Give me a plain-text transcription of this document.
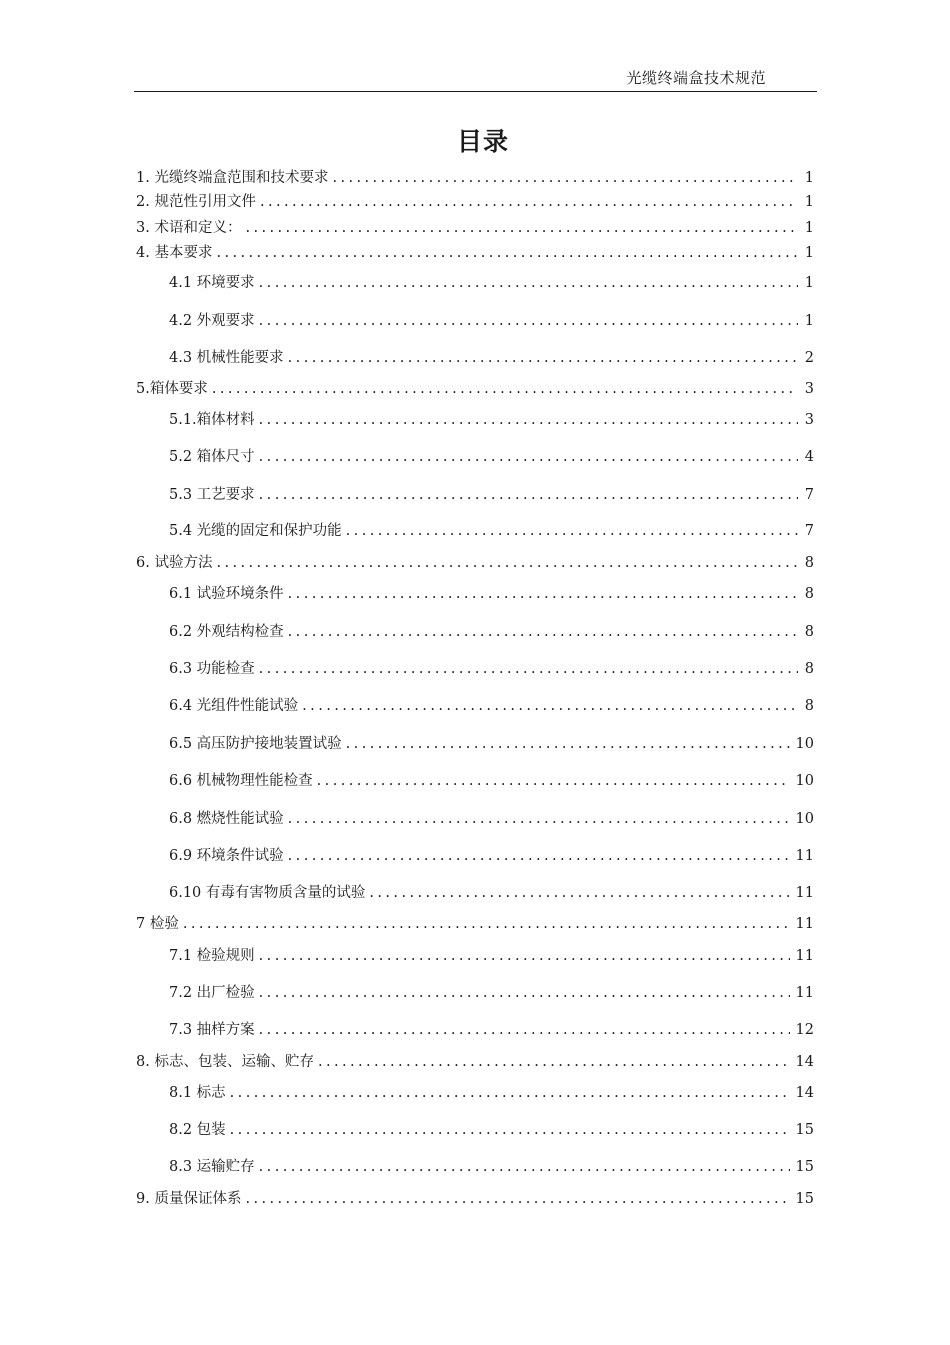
光缆终端盒技术规范
目录
1. 光缆终端盒范围和技术要求 .....	1
2. 规范性引用文件 .....	1
3. 术语和定义： .....	1
4. 基本要求 .....	1
4.1 环境要求 .....	1
4.2 外观要求 .....	1
4.3 机械性能要求 .....	2
5.箱体要求 .....	3
5.1.箱体材料 .....	3
5.2 箱体尺寸 .....	4
5.3 工艺要求 .....	7
5.4 光缆的固定和保护功能 .....	7
6. 试验方法 .....	8
6.1 试验环境条件 .....	8
6.2 外观结构检查 .....	8
6.3 功能检查 .....	8
6.4 光组件性能试验 .....	8
6.5 高压防护接地装置试验 .....	10
6.6 机械物理性能检查 .....	10
6.8 燃烧性能试验 .....	10
6.9 环境条件试验 .....	11
6.10 有毒有害物质含量的试验 .....	11
7 检验 .....	11
7.1 检验规则 .....	11
7.2 出厂检验 .....	11
7.3 抽样方案 .....	12
8. 标志、包装、运输、贮存 .....	14
8.1 标志 .....	14
8.2 包装 .....	15
8.3 运输贮存 .....	15
9. 质量保证体系 .....	15
